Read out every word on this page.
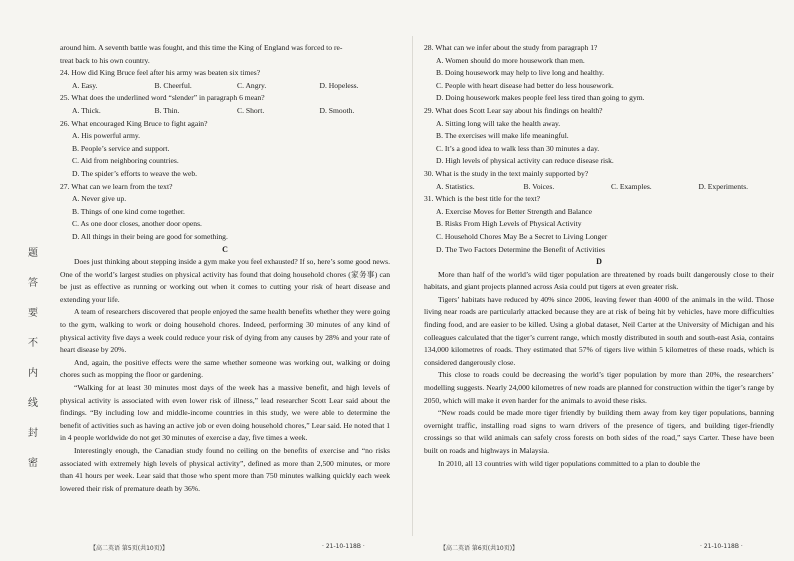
题
答
要
不
内
线
封
密

around him. A seventh battle was fought, and this time the King of England was forced to re-

treat back to his own country.

24. How did King Bruce feel after his army was beaten six times?

A. Easy.	B. Cheerful.	C. Angry.	D. Hopeless.

25. What does the underlined word “slender” in paragraph 6 mean?

A. Thick.	B. Thin.	C. Short.	D. Smooth.

26. What encouraged King Bruce to fight again?

A. His powerful army.

B. People’s service and support.

C. Aid from neighboring countries.

D. The spider’s efforts to weave the web.

27. What can we learn from the text?

A. Never give up.

B. Things of one kind come together.

C. As one door closes, another door opens.

D. All things in their being are good for something.

C

Does just thinking about stepping inside a gym make you feel exhausted? If so, here’s some good news. One of the world’s largest studies on physical activity has found that doing household chores (家务事) can be just as effective as running or working out when it comes to cutting your risk of heart disease and extending your life.

A team of researchers discovered that people enjoyed the same health benefits whether they were going to the gym, walking to work or doing household chores. Indeed, performing 30 minutes of any kind of physical activity five days a week could reduce your risk of dying from any causes by 28% and your rate of heart disease by 20%.

And, again, the positive effects were the same whether someone was working out, walking or doing chores such as mopping the floor or gardening.

“Walking for at least 30 minutes most days of the week has a massive benefit, and high levels of physical activity is associated with even lower risk of illness,” lead researcher Scott Lear said about the findings. “By including low and middle-income countries in this study, we were able to determine the benefit of activities such as having an active job or even doing household chores,” Lear said. He noted that 1 in 4 people worldwide do not get 30 minutes of exercise a day, five times a week.

Interestingly enough, the Canadian study found no ceiling on the benefits of exercise and “no risks associated with extremely high levels of physical activity”, defined as more than 2,500 minutes, or more than 41 hours per week. Lear said that those who spent more than 750 minutes walking quickly each week lowered their risk of premature death by 36%.

28. What can we infer about the study from paragraph 1?

A. Women should do more housework than men.

B. Doing housework may help to live long and healthy.

C. People with heart disease had better do less housework.

D. Doing housework makes people feel less tired than going to gym.

29. What does Scott Lear say about his findings on health?

A. Sitting long will take the health away.

B. The exercises will make life meaningful.

C. It’s a good idea to walk less than 30 minutes a day.

D. High levels of physical activity can reduce disease risk.

30. What is the study in the text mainly supported by?

A. Statistics.	B. Voices.	C. Examples.	D. Experiments.

31. Which is the best title for the text?

A. Exercise Moves for Better Strength and Balance

B. Risks From High Levels of Physical Activity

C. Household Chores May Be a Secret to Living Longer

D. The Two Factors Determine the Benefit of Activities

D

More than half of the world’s wild tiger population are threatened by roads built dangerously close to their habitats, and giant projects planned across Asia could put tigers at even greater risk.

Tigers’ habitats have reduced by 40% since 2006, leaving fewer than 4000 of the animals in the wild. Those living near roads are particularly attacked because they are at risk of being hit by vehicles, have more difficulties finding food, and are easier to be killed. Using a global dataset, Neil Carter at the University of Michigan and his colleagues calculated that the tiger’s current range, which mostly distributed in south and south-east Asia, contains 134,000 kilometres of roads. They estimated that 57% of tigers live within 5 kilometres of these roads, which is considered dangerously close.

This close to roads could be decreasing the world’s tiger population by more than 20%, the researchers’ modelling suggests. Nearly 24,000 kilometres of new roads are planned for construction within the tiger’s range by 2050, which will make it even harder for the animals to avoid these risks.

“New roads could be made more tiger friendly by building them away from key tiger populations, banning overnight traffic, installing road signs to warn drivers of the presence of tigers, and building tiger-friendly crossings so that wild animals can safely cross forests on both sides of the road,” says Carter. These have been built on roads and highways in Malaysia.

In 2010, all 13 countries with wild tiger populations committed to a plan to double the

【高二英语 第5页(共10页)】	· 21-10-118B ·	【高二英语 第6页(共10页)】	· 21-10-118B ·
